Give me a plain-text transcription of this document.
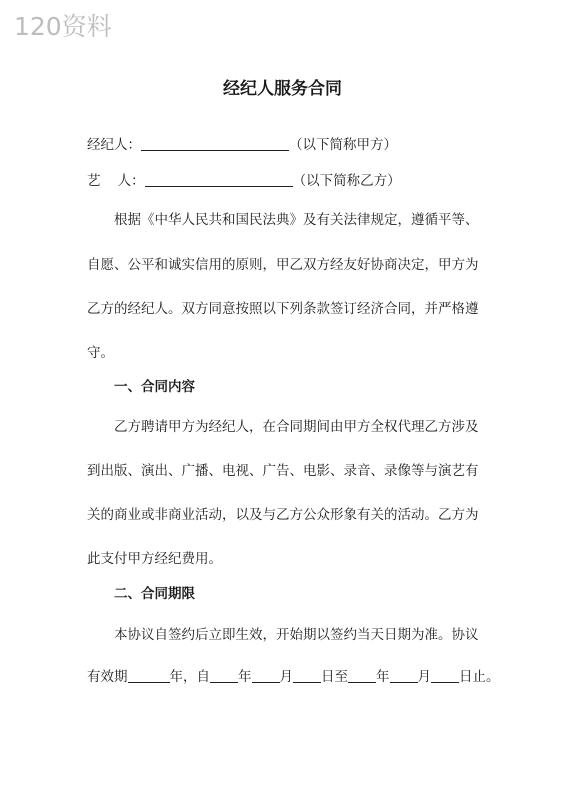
120资料
经纪人服务合同
经纪人：	（以下简称甲方）
艺    人：	（以下简称乙方）
根据《中华人民共和国民法典》及有关法律规定，遵循平等、
自愿、公平和诚实信用的原则，甲乙双方经友好协商决定，甲方为
乙方的经纪人。双方同意按照以下列条款签订经济合同，并严格遵
守。
一、合同内容
乙方聘请甲方为经纪人，在合同期间由甲方全权代理乙方涉及
到出版、演出、广播、电视、广告、电影、录音、录像等与演艺有
关的商业或非商业活动，以及与乙方公众形象有关的活动。乙方为
此支付甲方经纪费用。
二、合同期限
本协议自签约后立即生效，开始期以签约当天日期为准。协议
有效期	年，自 年 月 日至 年 月 日止。
